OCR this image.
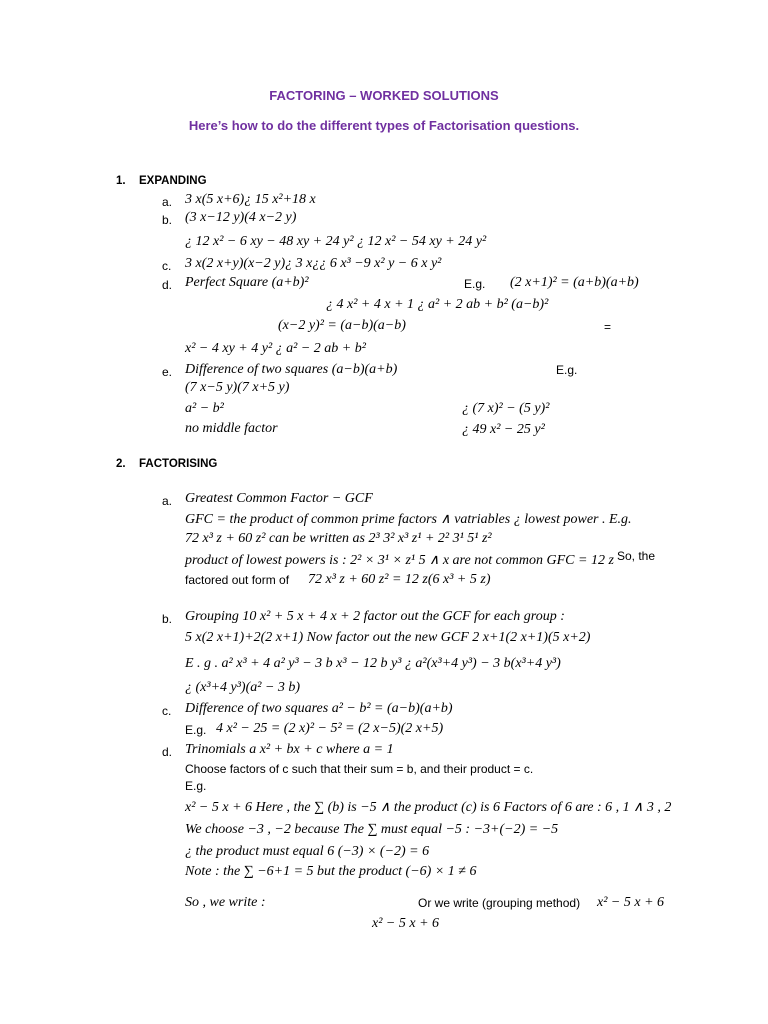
FACTORING – WORKED SOLUTIONS
Here’s how to do the different types of Factorisation questions.
1. EXPANDING
a. 3 x(5 x+6)¿ 15 x²+18 x
b. (3 x−12 y)(4 x−2 y)
¿ 12 x² − 6 xy − 48 xy + 24 y² ¿ 12 x² − 54 xy + 24 y²
c. 3 x(2 x+y)(x−2 y)¿ 3 x¿¿ 6 x³ −9 x² y − 6 x y²
d. Perfect Square (a+b)²	E.g. (2 x+1)² = (a+b)(a+b)
¿ 4 x² + 4 x + 1 ¿ a² + 2 ab + b² (a−b)²
(x−2 y)² = (a−b)(a−b)	=
x² − 4 xy + 4 y² ¿ a² − 2 ab + b²
e. Difference of two squares (a−b)(a+b)	E.g.
(7 x−5 y)(7 x+5 y)
a² − b²	¿ (7 x)² − (5 y)²
no middle factor	¿ 49 x² − 25 y²
2. FACTORISING
a. Greatest Common Factor − GCF
GFC = the product of common prime factors ∧ vatriables ¿ lowest power . E.g.
72 x³ z + 60 z² can be written as 2³ 3² x³ z¹ + 2² 3¹ 5¹ z²
product of lowest powers is : 2² × 3¹ × z¹ 5 ∧ x are not common GFC = 12 z So, the
factored out form of 72 x³ z + 60 z² = 12 z(6 x³ + 5 z)
b. Grouping 10 x² + 5 x + 4 x + 2 factor out the GCF for each group :
5 x(2 x+1)+2(2 x+1) Now factor out the new GCF 2 x+1(2 x+1)(5 x+2)
E . g . a² x³ + 4 a² y³ − 3 b x³ − 12 b y³ ¿ a²(x³+4 y³) − 3 b(x³+4 y³)
¿ (x³+4 y³)(a² − 3 b)
c. Difference of two squares a² − b² = (a−b)(a+b)
E.g. 4 x² − 25 = (2 x)² − 5² = (2 x−5)(2 x+5)
d. Trinomials a x² + bx + c where a = 1
Choose factors of c such that their sum = b, and their product = c.
E.g.
x² − 5 x + 6 Here , the ∑ (b) is −5 ∧ the product (c) is 6 Factors of 6 are : 6 , 1 ∧ 3 , 2
We choose −3 , −2 because The ∑ must equal −5 : −3+(−2) = −5
¿ the product must equal 6 (−3) × (−2) = 6
Note : the ∑ −6+1 = 5 but the product (−6) × 1 ≠ 6
So , we write :	Or we write (grouping method) x² − 5 x + 6
x² − 5 x + 6
